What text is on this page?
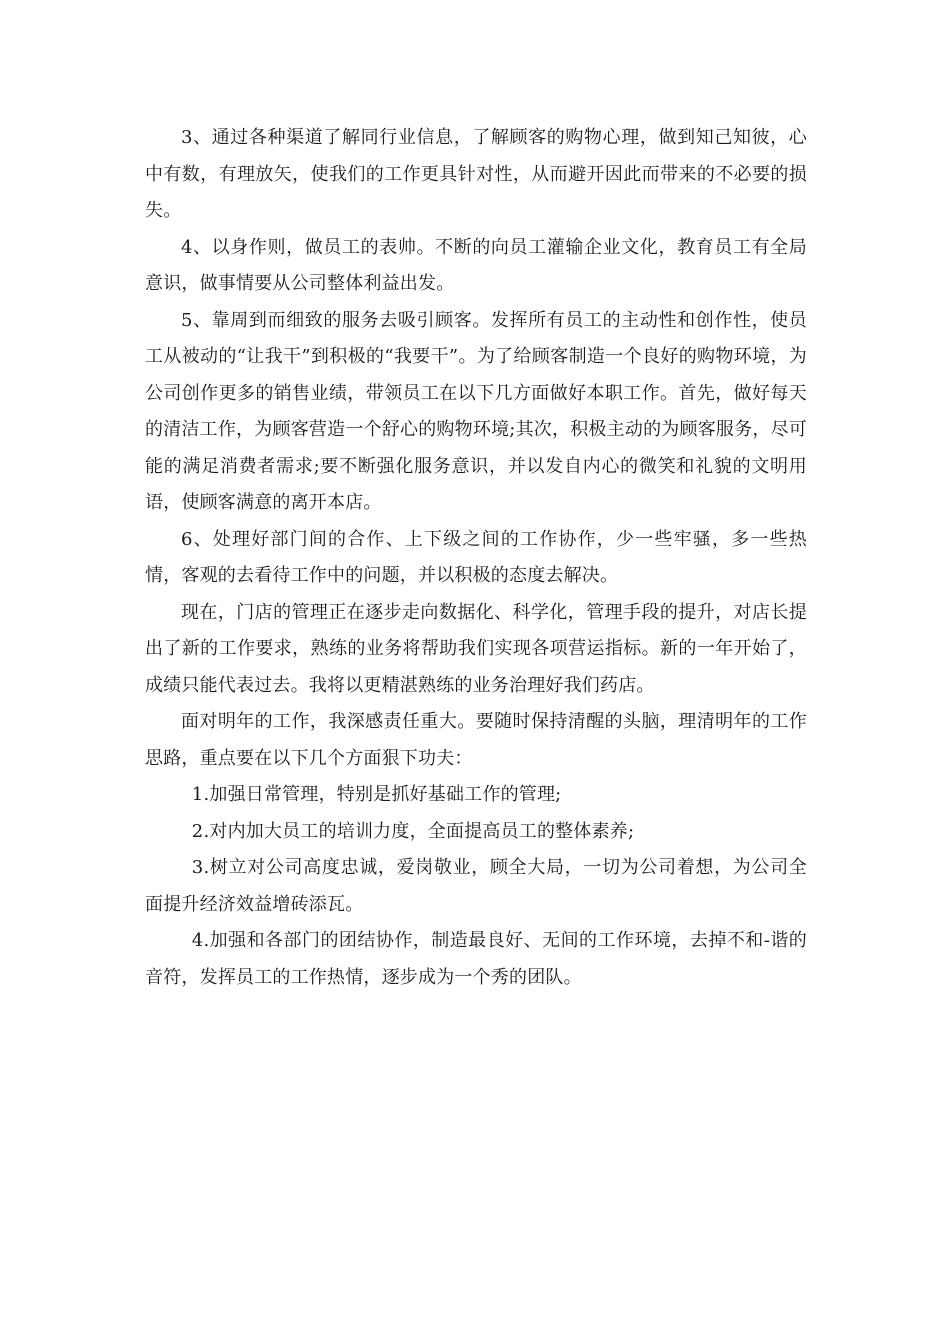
3、通过各种渠道了解同行业信息，了解顾客的购物心理，做到知己知彼，心中有数，有理放矢，使我们的工作更具针对性，从而避开因此而带来的不必要的损失。

4、以身作则，做员工的表帅。不断的向员工灌输企业文化，教育员工有全局意识，做事情要从公司整体利益出发。

5、靠周到而细致的服务去吸引顾客。发挥所有员工的主动性和创作性，使员工从被动的“让我干”到积极的“我要干”。为了给顾客制造一个良好的购物环境，为公司创作更多的销售业绩，带领员工在以下几方面做好本职工作。首先，做好每天的清洁工作，为顾客营造一个舒心的购物环境;其次，积极主动的为顾客服务，尽可能的满足消费者需求;要不断强化服务意识，并以发自内心的微笑和礼貌的文明用语，使顾客满意的离开本店。

6、处理好部门间的合作、上下级之间的工作协作，少一些牢骚，多一些热情，客观的去看待工作中的问题，并以积极的态度去解决。

现在，门店的管理正在逐步走向数据化、科学化，管理手段的提升，对店长提出了新的工作要求，熟练的业务将帮助我们实现各项营运指标。新的一年开始了，成绩只能代表过去。我将以更精湛熟练的业务治理好我们药店。

面对明年的工作，我深感责任重大。要随时保持清醒的头脑，理清明年的工作思路，重点要在以下几个方面狠下功夫：

1.加强日常管理，特别是抓好基础工作的管理;

2.对内加大员工的培训力度，全面提高员工的整体素养;

3.树立对公司高度忠诚，爱岗敬业，顾全大局，一切为公司着想，为公司全面提升经济效益增砖添瓦。

4.加强和各部门的团结协作，制造最良好、无间的工作环境，去掉不和-谐的音符，发挥员工的工作热情，逐步成为一个秀的团队。
